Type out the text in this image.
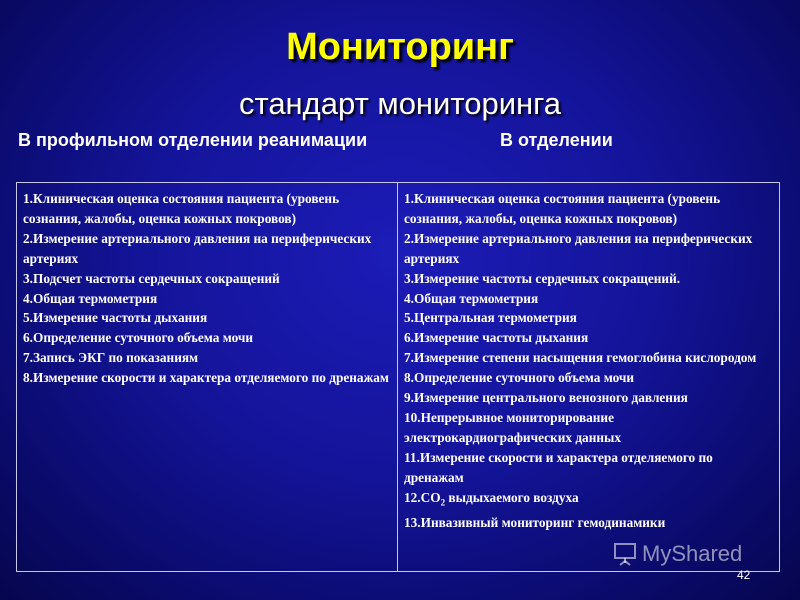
Мониторинг
стандарт мониторинга
В профильном отделении реанимации	В отделении
1.Клиническая оценка состояния пациента (уровень сознания, жалобы, оценка кожных покровов)
2.Измерение артериального давления на периферических артериях
3.Подсчет частоты сердечных сокращений
4.Общая термометрия
5.Измерение частоты дыхания
6.Определение суточного объема мочи
7.Запись ЭКГ по показаниям
8.Измерение скорости и характера отделяемого по дренажам
1.Клиническая оценка состояния пациента (уровень сознания, жалобы, оценка кожных покровов)
2.Измерение артериального давления на периферических артериях
3.Измерение частоты сердечных сокращений.
4.Общая термометрия
5.Центральная термометрия
6.Измерение частоты дыхания
7.Измерение степени насыщения гемоглобина кислородом
8.Определение суточного объема мочи
9.Измерение центрального венозного давления
10.Непрерывное мониторирование электрокардиографических данных
11.Измерение скорости и характера отделяемого по дренажам
$12.CO_2$ выдыхаемого воздуха
13.Инвазивный мониторинг гемодинамики
MyShared
42
